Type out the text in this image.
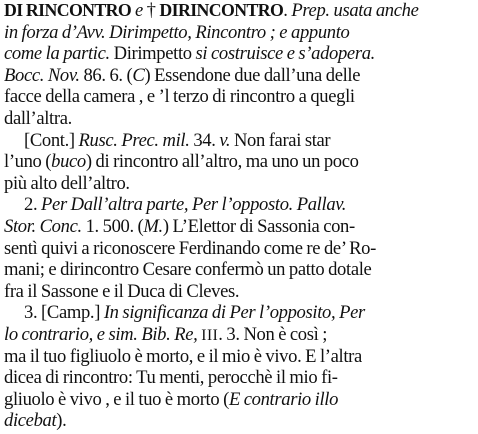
DI RINCONTRO e † DIRINCONTRO. Prep. usata anche
in forza d’Avv. Dirimpetto, Rincontro ; e appunto
come la partic. Dirimpetto si costruisce e s’adopera.
Bocc. Nov. 86. 6. (C) Essendone due dall’una delle
facce della camera , e ’l terzo di rincontro a quegli
dall’altra.
[Cont.] Rusc. Prec. mil. 34. v. Non farai star
l’uno (buco) di rincontro all’altro, ma uno un poco
più alto dell’altro.
2. Per Dall’altra parte, Per l’opposto. Pallav.
Stor. Conc. 1. 500. (M.) L’Elettor di Sassonia con-
sentì quivi a riconoscere Ferdinando come re de’ Ro-
mani; e dirincontro Cesare confermò un patto dotale
fra il Sassone e il Duca di Cleves.
3. [Camp.] In significanza di Per l’opposito, Per
lo contrario, e sim. Bib. Re, III. 3. Non è così ;
ma il tuo figliuolo è morto, e il mio è vivo. E l’altra
dicea di rincontro: Tu menti, perocchè il mio fi-
gliuolo è vivo , e il tuo è morto (E contrario illo
dicebat).
